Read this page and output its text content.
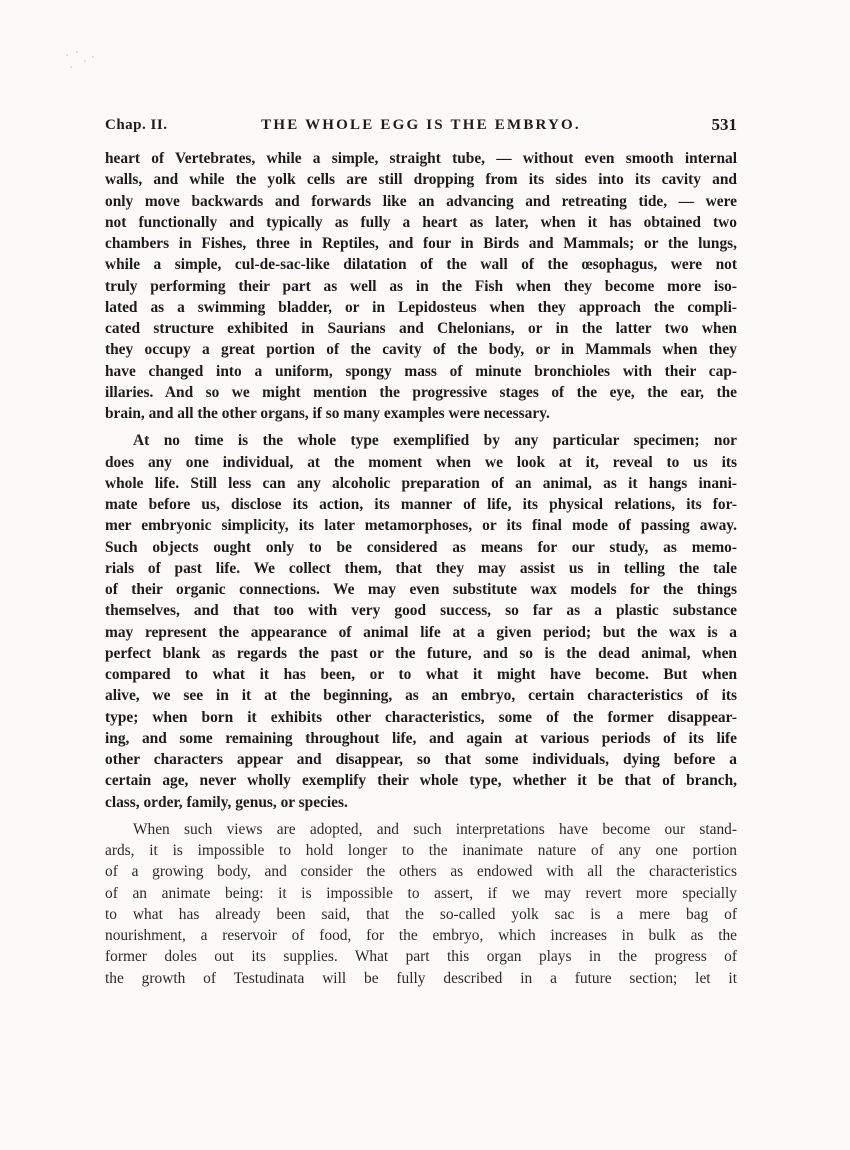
Chap. II.	THE WHOLE EGG IS THE EMBRYO.	531
heart of Vertebrates, while a simple, straight tube, — without even smooth internal
walls, and while the yolk cells are still dropping from its sides into its cavity and
only move backwards and forwards like an advancing and retreating tide, — were
not functionally and typically as fully a heart as later, when it has obtained two
chambers in Fishes, three in Reptiles, and four in Birds and Mammals; or the lungs,
while a simple, cul-de-sac-like dilatation of the wall of the œsophagus, were not
truly performing their part as well as in the Fish when they become more iso-
lated as a swimming bladder, or in Lepidosteus when they approach the compli-
cated structure exhibited in Saurians and Chelonians, or in the latter two when
they occupy a great portion of the cavity of the body, or in Mammals when they
have changed into a uniform, spongy mass of minute bronchioles with their cap-
illaries. And so we might mention the progressive stages of the eye, the ear, the
brain, and all the other organs, if so many examples were necessary.
At no time is the whole type exemplified by any particular specimen; nor
does any one individual, at the moment when we look at it, reveal to us its
whole life. Still less can any alcoholic preparation of an animal, as it hangs inani-
mate before us, disclose its action, its manner of life, its physical relations, its for-
mer embryonic simplicity, its later metamorphoses, or its final mode of passing away.
Such objects ought only to be considered as means for our study, as memo-
rials of past life. We collect them, that they may assist us in telling the tale
of their organic connections. We may even substitute wax models for the things
themselves, and that too with very good success, so far as a plastic substance
may represent the appearance of animal life at a given period; but the wax is a
perfect blank as regards the past or the future, and so is the dead animal, when
compared to what it has been, or to what it might have become. But when
alive, we see in it at the beginning, as an embryo, certain characteristics of its
type; when born it exhibits other characteristics, some of the former disappear-
ing, and some remaining throughout life, and again at various periods of its life
other characters appear and disappear, so that some individuals, dying before a
certain age, never wholly exemplify their whole type, whether it be that of branch,
class, order, family, genus, or species.
When such views are adopted, and such interpretations have become our stand-
ards, it is impossible to hold longer to the inanimate nature of any one portion
of a growing body, and consider the others as endowed with all the characteristics
of an animate being: it is impossible to assert, if we may revert more specially
to what has already been said, that the so-called yolk sac is a mere bag of
nourishment, a reservoir of food, for the embryo, which increases in bulk as the
former doles out its supplies. What part this organ plays in the progress of
the growth of Testudinata will be fully described in a future section; let it
